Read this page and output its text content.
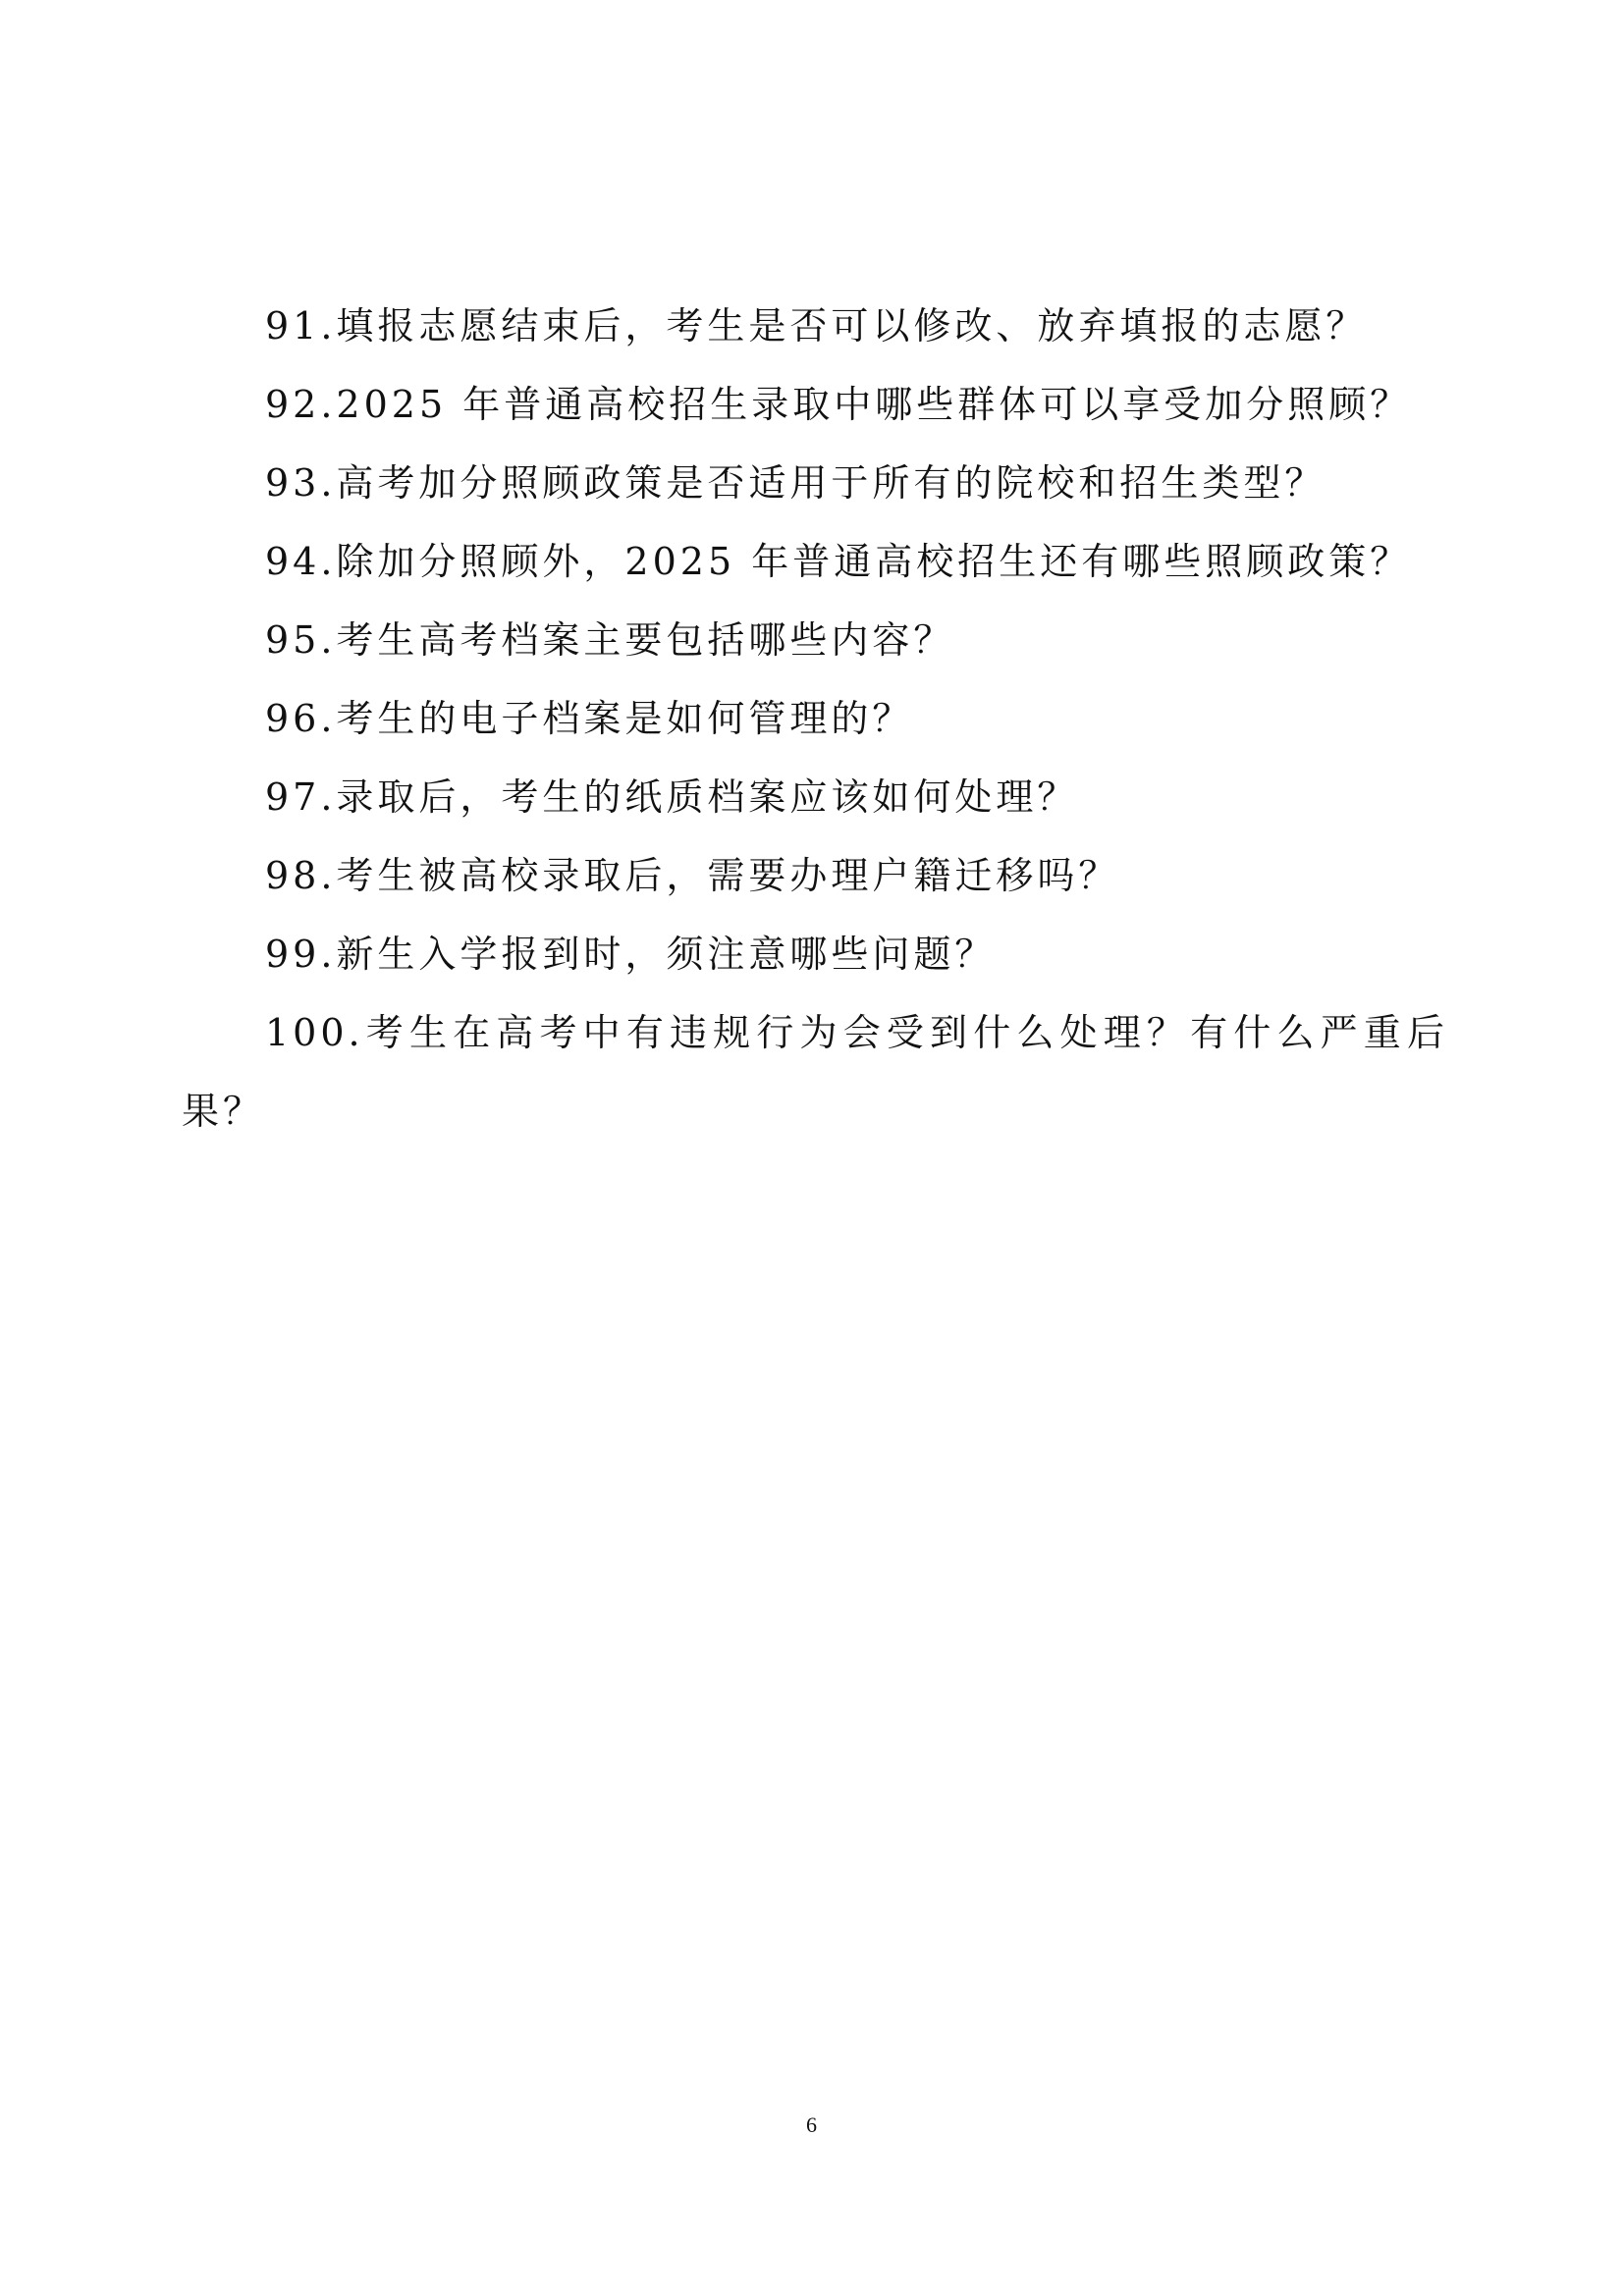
91.填报志愿结束后，考生是否可以修改、放弃填报的志愿？

92.2025 年普通高校招生录取中哪些群体可以享受加分照顾？

93.高考加分照顾政策是否适用于所有的院校和招生类型？

94.除加分照顾外，2025 年普通高校招生还有哪些照顾政策？

95.考生高考档案主要包括哪些内容？

96.考生的电子档案是如何管理的？

97.录取后，考生的纸质档案应该如何处理？

98.考生被高校录取后，需要办理户籍迁移吗？

99.新生入学报到时，须注意哪些问题？

100.考生在高考中有违规行为会受到什么处理？有什么严重后果？

6
